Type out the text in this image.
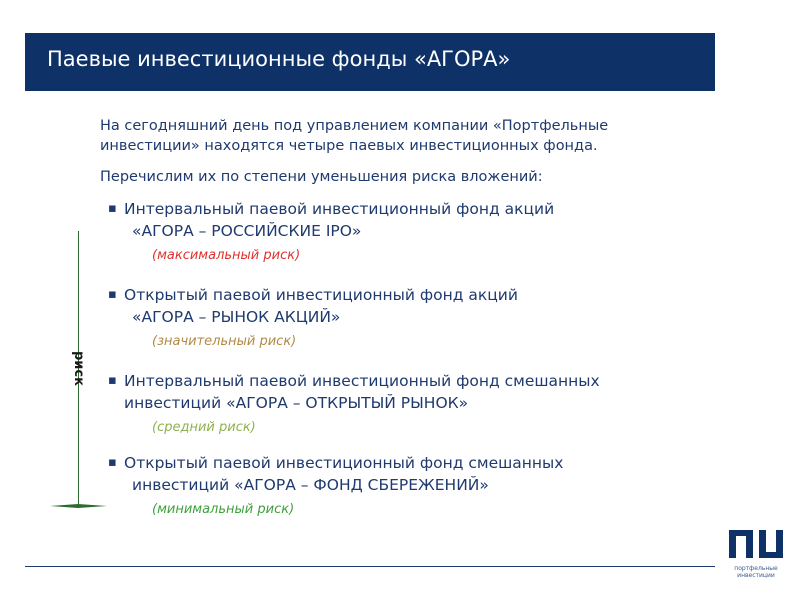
Паевые инвестиционные фонды «АГОРА»
На сегодняшний день под управлением компании «Портфельные
инвестиции» находятся четыре паевых инвестиционных фонда.
Перечислим их по степени уменьшения риска вложений:
▪ Интервальный паевой инвестиционный фонд акций
«АГОРА – РОССИЙСКИЕ IPO»
(максимальный риск)
▪ Открытый паевой инвестиционный фонд акций
«АГОРА – РЫНОК АКЦИЙ»
(значительный риск)
▪ Интервальный паевой инвестиционный фонд смешанных
инвестиций «АГОРА – ОТКРЫТЫЙ РЫНОК»
(средний риск)
▪ Открытый паевой инвестиционный фонд смешанных
инвестиций «АГОРА – ФОНД СБЕРЕЖЕНИЙ»
(минимальный риск)
риск
портфельные
инвестиции
